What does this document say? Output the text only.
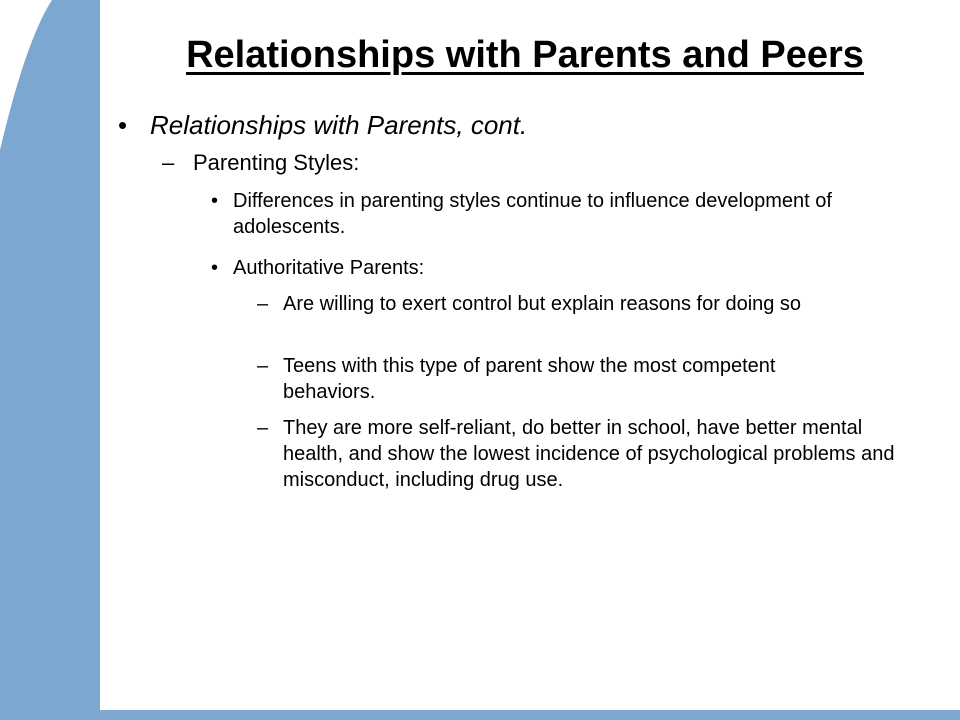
Relationships with Parents and Peers
• Relationships with Parents, cont.
– Parenting Styles:
• Differences in parenting styles continue to influence development of adolescents.
• Authoritative Parents:
– Are willing to exert control but explain reasons for doing so
– Teens with this type of parent show the most competent behaviors.
– They are more self-reliant, do better in school, have better mental health, and show the lowest incidence of psychological problems and misconduct, including drug use.
